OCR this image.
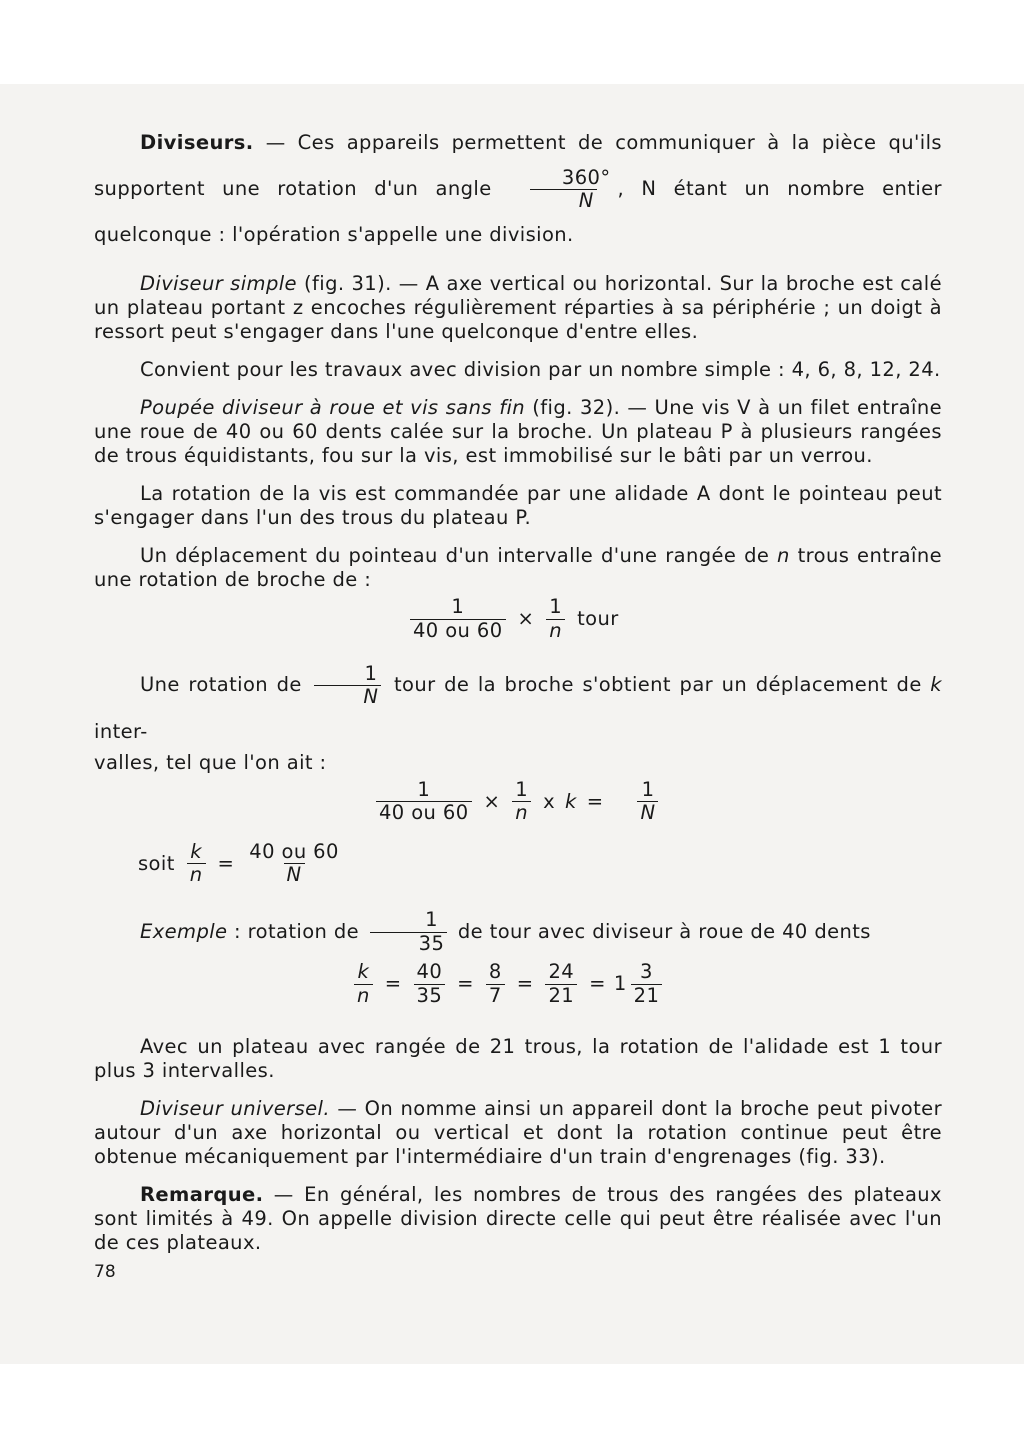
Diviseurs. — Ces appareils permettent de communiquer à la pièce qu'ils supportent une rotation d'un angle $\frac{360^\circ}{N}$ , N étant un nombre entier quelconque : l'opération s'appelle une division.

Diviseur simple (fig. 31). — A axe vertical ou horizontal. Sur la broche est calé un plateau portant z encoches régulièrement réparties à sa périphérie ; un doigt à ressort peut s'engager dans l'une quelconque d'entre elles.

Convient pour les travaux avec division par un nombre simple : 4, 6, 8, 12, 24.

Poupée diviseur à roue et vis sans fin (fig. 32). — Une vis V à un filet entraîne une roue de 40 ou 60 dents calée sur la broche. Un plateau P à plusieurs rangées de trous équidistants, fou sur la vis, est immobilisé sur le bâti par un verrou.

La rotation de la vis est commandée par une alidade A dont le pointeau peut s'engager dans l'un des trous du plateau P.

Un déplacement du pointeau d'un intervalle d'une rangée de n trous entraîne une rotation de broche de :

$\frac{1}{40 ou 60} \times \frac{1}{n}$ tour

Une rotation de $\frac{1}{N}$ tour de la broche s'obtient par un déplacement de k inter-

valles, tel que l'on ait :

$\frac{1}{40 ou 60} \times \frac{1}{n}$ x $k = \frac{1}{N}$
soit $\frac{k}{n} = \frac{40 ou 60}{N}$

Exemple : rotation de $\frac{1}{35}$ de tour avec diviseur à roue de 40 dents

$\frac{k}{n} = \frac{40}{35} = \frac{8}{7} = \frac{24}{21} = 1 \frac{3}{21}$

Avec un plateau avec rangée de 21 trous, la rotation de l'alidade est 1 tour plus 3 intervalles.

Diviseur universel. — On nomme ainsi un appareil dont la broche peut pivoter autour d'un axe horizontal ou vertical et dont la rotation continue peut être obtenue mécaniquement par l'intermédiaire d'un train d'engrenages (fig. 33).

Remarque. — En général, les nombres de trous des rangées des plateaux sont limités à 49. On appelle division directe celle qui peut être réalisée avec l'un de ces plateaux.

78
